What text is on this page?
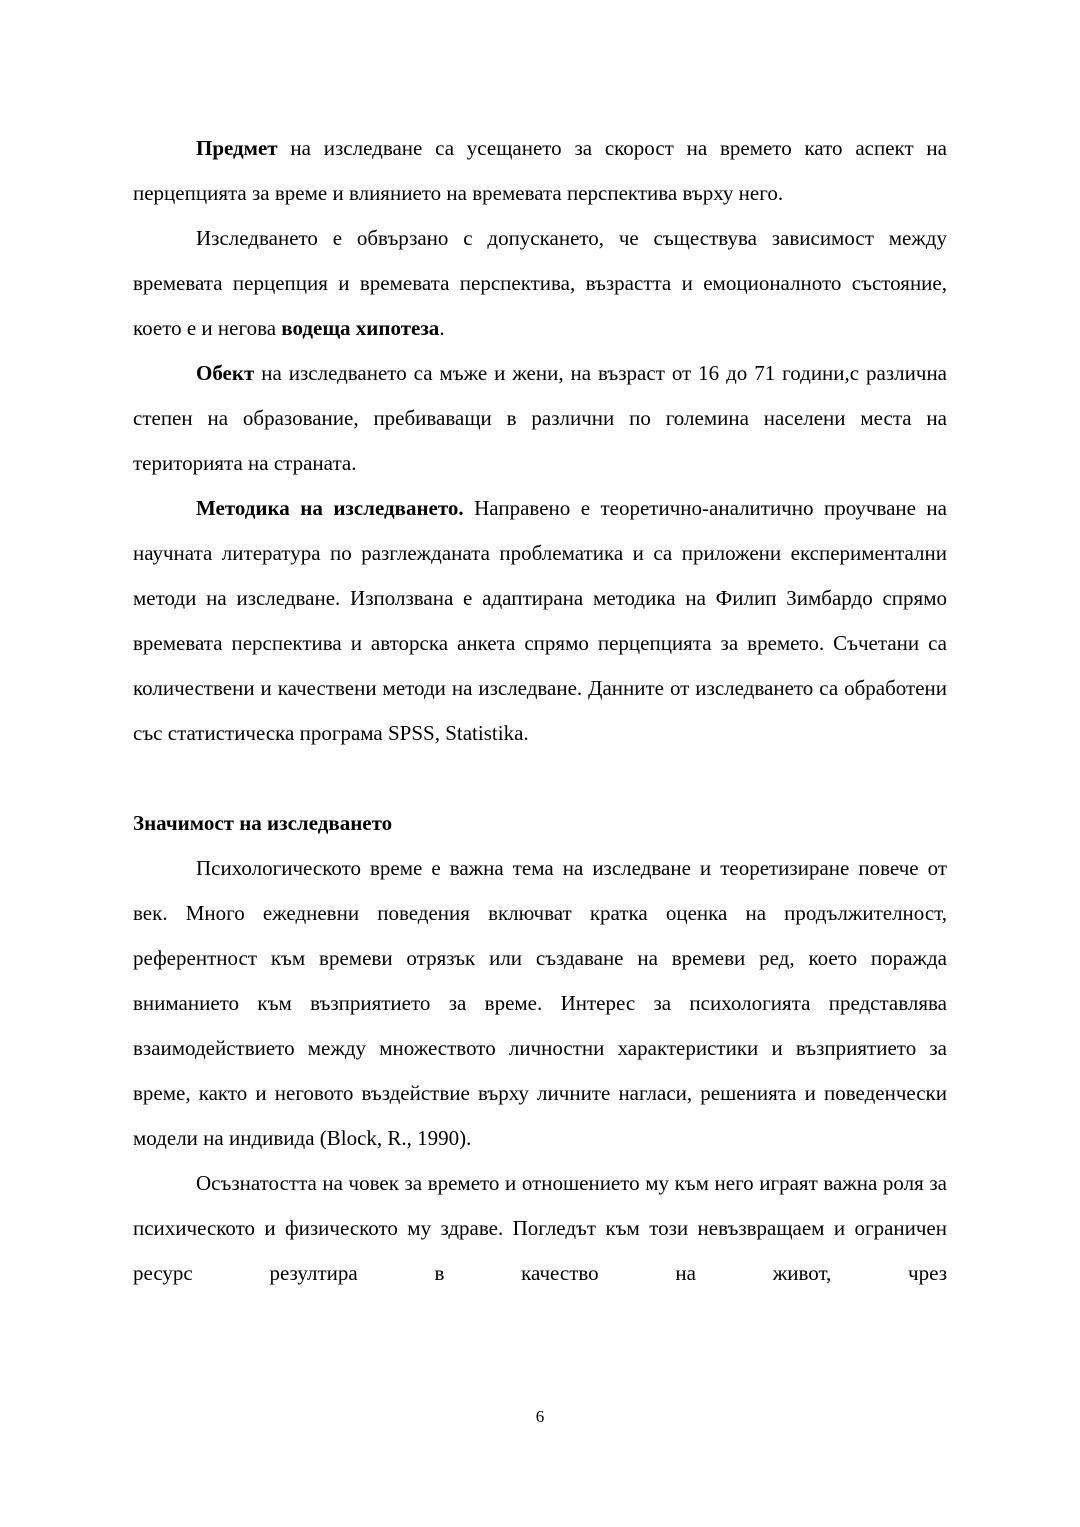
Предмет на изследване са усещането за скорост на времето като аспект на перцепцията за време и влиянието на времевата перспектива върху него.

Изследването е обвързано с допускането, че съществува зависимост между времевата перцепция и времевата перспектива, възрастта и емоционалното състояние, което е и негова водеща хипотеза.

Обект на изследването са мъже и жени, на възраст от 16 до 71 години,с различна степен на образование, пребиваващи в различни по големина населени места на територията на страната.

Методика на изследването. Направено е теоретично-аналитично проучване на научната литература по разглежданата проблематика и са приложени експериментални методи на изследване. Използвана е адаптирана методика на Филип Зимбардо спрямо времевата перспектива и авторска анкета спрямо перцепцията за времето. Съчетани са количествени и качествени методи на изследване. Данните от изследването са обработени със статистическа програма SPSS, Statistika.

Значимост на изследването

Психологическото време е важна тема на изследване и теоретизиране повече от век. Много ежедневни поведения включват кратка оценка на продължителност, референтност към времеви отрязък или създаване на времеви ред, което поражда вниманието към възприятието за време. Интерес за психологията представлява взаимодействието между множеството личностни характеристики и възприятието за време, както и неговото въздействие върху личните нагласи, решенията и поведенчески модели на индивида (Block, R., 1990).

Осъзнатостта на човек за времето и отношението му към него играят важна роля за психическото и физическото му здраве. Погледът към този невъзвращаем и ограничен ресурс резултира в качество на живот, чрез

6
